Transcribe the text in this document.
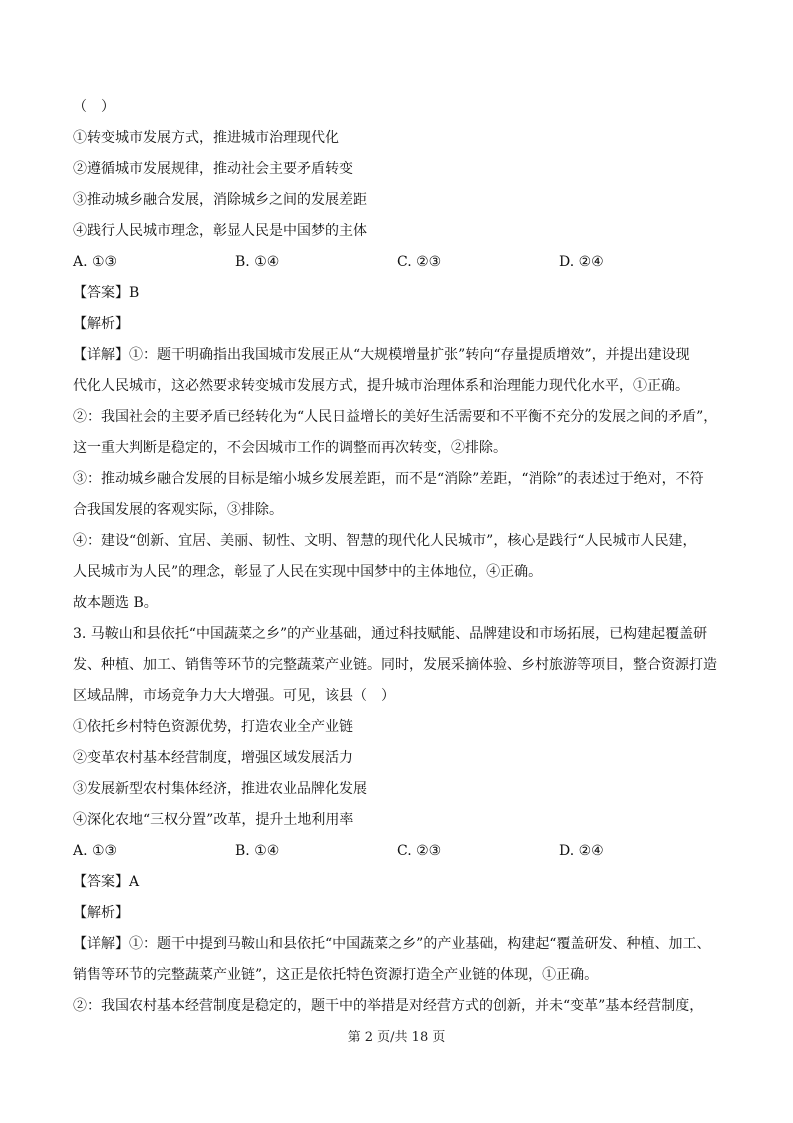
（　）
①转变城市发展方式，推进城市治理现代化
②遵循城市发展规律，推动社会主要矛盾转变
③推动城乡融合发展，消除城乡之间的发展差距
④践行人民城市理念，彰显人民是中国梦的主体
A. ①③	B. ①④	C. ②③	D. ②④
【答案】B
【解析】
【详解】①：题干明确指出我国城市发展正从“大规模增量扩张”转向“存量提质增效”，并提出建设现
代化人民城市，这必然要求转变城市发展方式，提升城市治理体系和治理能力现代化水平，①正确。
②：我国社会的主要矛盾已经转化为“人民日益增长的美好生活需要和不平衡不充分的发展之间的矛盾”，
这一重大判断是稳定的，不会因城市工作的调整而再次转变，②排除。
③：推动城乡融合发展的目标是缩小城乡发展差距，而不是“消除”差距，“消除”的表述过于绝对，不符
合我国发展的客观实际，③排除。
④：建设“创新、宜居、美丽、韧性、文明、智慧的现代化人民城市”，核心是践行“人民城市人民建，
人民城市为人民”的理念，彰显了人民在实现中国梦中的主体地位，④正确。
故本题选 B。
3. 马鞍山和县依托“中国蔬菜之乡”的产业基础，通过科技赋能、品牌建设和市场拓展，已构建起覆盖研
发、种植、加工、销售等环节的完整蔬菜产业链。同时，发展采摘体验、乡村旅游等项目，整合资源打造
区域品牌，市场竞争力大大增强。可见，该县（　）
①依托乡村特色资源优势，打造农业全产业链
②变革农村基本经营制度，增强区域发展活力
③发展新型农村集体经济，推进农业品牌化发展
④深化农地“三权分置”改革，提升土地利用率
A. ①③	B. ①④	C. ②③	D. ②④
【答案】A
【解析】
【详解】①：题干中提到马鞍山和县依托“中国蔬菜之乡”的产业基础，构建起“覆盖研发、种植、加工、
销售等环节的完整蔬菜产业链”，这正是依托特色资源打造全产业链的体现，①正确。
②：我国农村基本经营制度是稳定的，题干中的举措是对经营方式的创新，并未“变革”基本经营制度，
第 2 页/共 18 页
